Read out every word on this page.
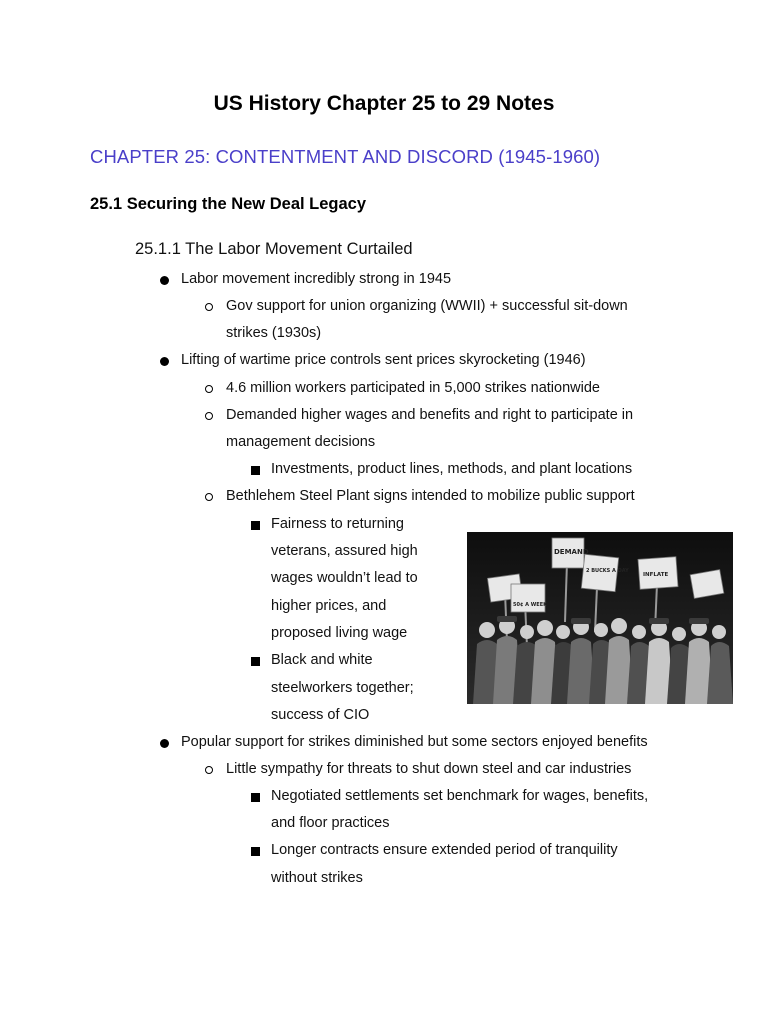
US History Chapter 25 to 29 Notes
CHAPTER 25: CONTENTMENT AND DISCORD (1945-1960)
25.1 Securing the New Deal Legacy
25.1.1 The Labor Movement Curtailed
Labor movement incredibly strong in 1945
Gov support for union organizing (WWII) + successful sit-down
strikes (1930s)
Lifting of wartime price controls sent prices skyrocketing (1946)
4.6 million workers participated in 5,000 strikes nationwide
Demanded higher wages and benefits and right to participate in
management decisions
Investments, product lines, methods, and plant locations
Bethlehem Steel Plant signs intended to mobilize public support
Fairness to returning
veterans, assured high
wages wouldn’t lead to
higher prices, and
proposed living wage
Black and white
steelworkers together;
success of CIO
Popular support for strikes diminished but some sectors enjoyed benefits
Little sympathy for threats to shut down steel and car industries
Negotiated settlements set benchmark for wages, benefits,
and floor practices
Longer contracts ensure extended period of tranquility
without strikes
DEMAND
2 BUCKS A DAY
INFLATE
50¢ A WEEK
